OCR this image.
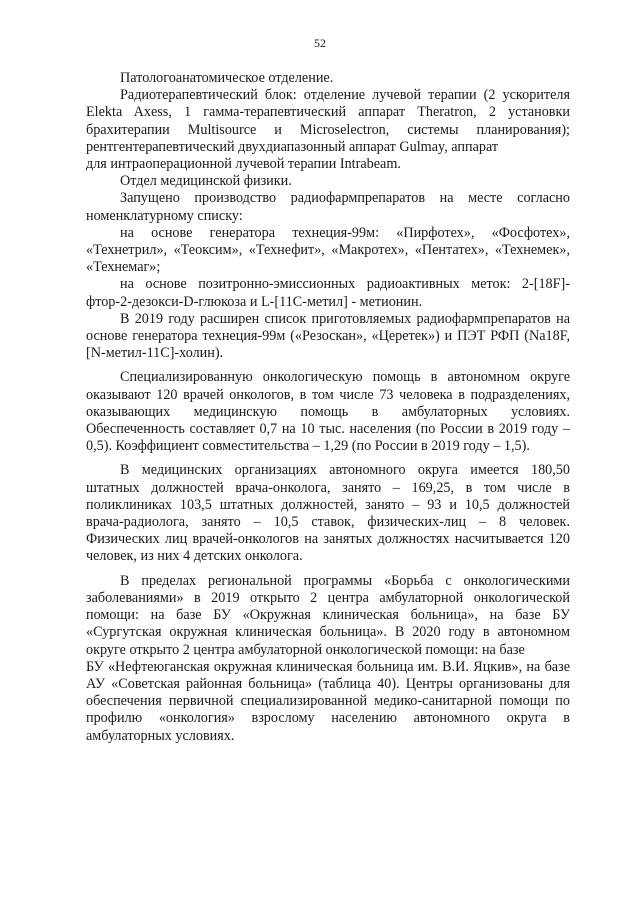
52

Патологоанатомическое отделение.

Радиотерапевтический блок: отделение лучевой терапии (2 ускорителя Elekta Axess, 1 гамма-терапевтический аппарат Theratron, 2 установки брахитерапии Multisource и Microselectron, системы планирования); рентгентерапевтический двухдиапазонный аппарат Gulmay, аппарат

для интраоперационной лучевой терапии Intrabeam.

Отдел медицинской физики.

Запущено производство радиофармпрепаратов на месте согласно номенклатурному списку:

на основе генератора технеция-99м: «Пирфотех», «Фосфотех», «Технетрил», «Теоксим», «Технефит», «Макротех», «Пентатех», «Технемек», «Технемаг»;

на основе позитронно-эмиссионных радиоактивных меток: 2-[18F]-фтор-2-дезокси-D-глюкоза и L-[11C-метил] - метионин.

В 2019 году расширен список приготовляемых радиофармпрепаратов на основе генератора технеция-99м («Резоскан», «Церетек») и ПЭТ РФП (Na18F, [N-метил-11С]-холин).

Специализированную онкологическую помощь в автономном округе оказывают 120 врачей онкологов, в том числе 73 человека в подразделениях, оказывающих медицинскую помощь в амбулаторных условиях. Обеспеченность составляет 0,7 на 10 тыс. населения (по России в 2019 году – 0,5). Коэффициент совместительства – 1,29 (по России в 2019 году – 1,5).

В медицинских организациях автономного округа имеется 180,50 штатных должностей врача-онколога, занято – 169,25, в том числе в поликлиниках 103,5 штатных должностей, занято – 93 и 10,5 должностей врача-радиолога, занято – 10,5 ставок, физических-лиц – 8 человек. Физических лиц врачей-онкологов на занятых должностях насчитывается 120 человек, из них 4 детских онколога.

В пределах региональной программы «Борьба с онкологическими заболеваниями» в 2019 открыто 2 центра амбулаторной онкологической помощи: на базе БУ «Окружная клиническая больница», на базе БУ «Сургутская окружная клиническая больница». В 2020 году в автономном округе открыто 2 центра амбулаторной онкологической помощи: на базе

БУ «Нефтеюганская окружная клиническая больница им. В.И. Яцкив», на базе АУ «Советская районная больница» (таблица 40). Центры организованы для обеспечения первичной специализированной медико-санитарной помощи по профилю «онкология» взрослому населению автономного округа в амбулаторных условиях.
